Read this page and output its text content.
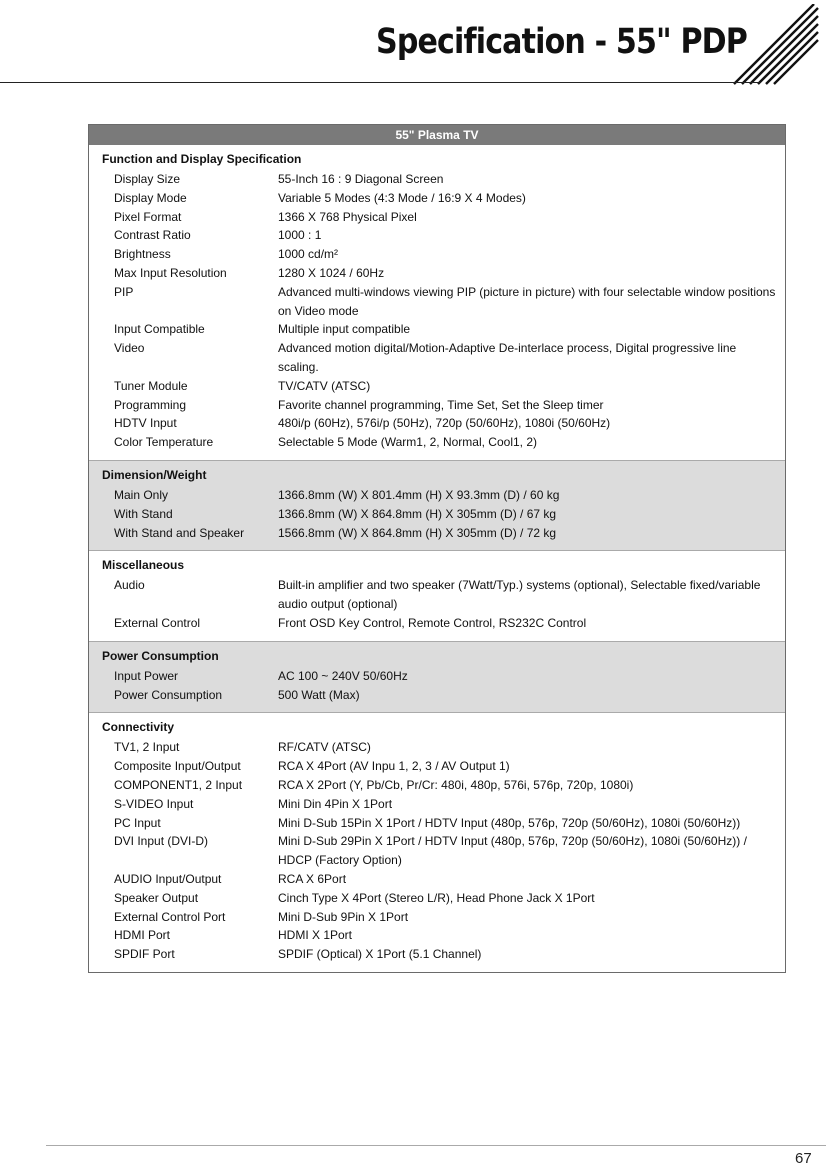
Specification - 55" PDP
55" Plasma TV
Function and Display Specification
Display Size	55-Inch 16 : 9 Diagonal Screen
Display Mode	Variable 5 Modes (4:3 Mode / 16:9 X 4 Modes)
Pixel Format	1366 X 768 Physical Pixel
Contrast Ratio	1000 : 1
Brightness	1000 cd/m²
Max Input Resolution	1280 X 1024 / 60Hz
PIP	Advanced multi-windows viewing PIP (picture in picture) with four selectable window positions on Video mode
Input Compatible	Multiple input compatible
Video	Advanced motion digital/Motion-Adaptive De-interlace process, Digital progressive line scaling.
Tuner Module	TV/CATV (ATSC)
Programming	Favorite channel programming, Time Set, Set the Sleep timer
HDTV Input	480i/p (60Hz), 576i/p (50Hz), 720p (50/60Hz), 1080i (50/60Hz)
Color Temperature	Selectable 5 Mode (Warm1, 2, Normal, Cool1, 2)
Dimension/Weight
Main Only	1366.8mm (W) X 801.4mm (H) X 93.3mm (D) / 60 kg
With Stand	1366.8mm (W) X 864.8mm (H) X 305mm (D) / 67 kg
With Stand and Speaker	1566.8mm (W) X 864.8mm (H) X 305mm (D) / 72 kg
Miscellaneous
Audio	Built-in amplifier and two speaker (7Watt/Typ.) systems (optional), Selectable fixed/variable audio output (optional)
External Control	Front OSD Key Control, Remote Control, RS232C Control
Power Consumption
Input Power	AC 100 ~ 240V 50/60Hz
Power Consumption	500 Watt (Max)
Connectivity
TV1, 2 Input	RF/CATV (ATSC)
Composite Input/Output	RCA X 4Port (AV Inpu 1, 2, 3 / AV Output 1)
COMPONENT1, 2 Input	RCA X 2Port (Y, Pb/Cb, Pr/Cr: 480i, 480p, 576i, 576p, 720p, 1080i)
S-VIDEO Input	Mini Din 4Pin X 1Port
PC Input	Mini D-Sub 15Pin X 1Port / HDTV Input (480p, 576p, 720p (50/60Hz), 1080i (50/60Hz))
DVI Input (DVI-D)	Mini D-Sub 29Pin X 1Port / HDTV Input (480p, 576p, 720p (50/60Hz), 1080i (50/60Hz)) / HDCP (Factory Option)
AUDIO Input/Output	RCA X 6Port
Speaker Output	Cinch Type X 4Port (Stereo L/R), Head Phone Jack X 1Port
External Control Port	Mini D-Sub 9Pin X 1Port
HDMI Port	HDMI X 1Port
SPDIF Port	SPDIF (Optical) X 1Port (5.1 Channel)
67
